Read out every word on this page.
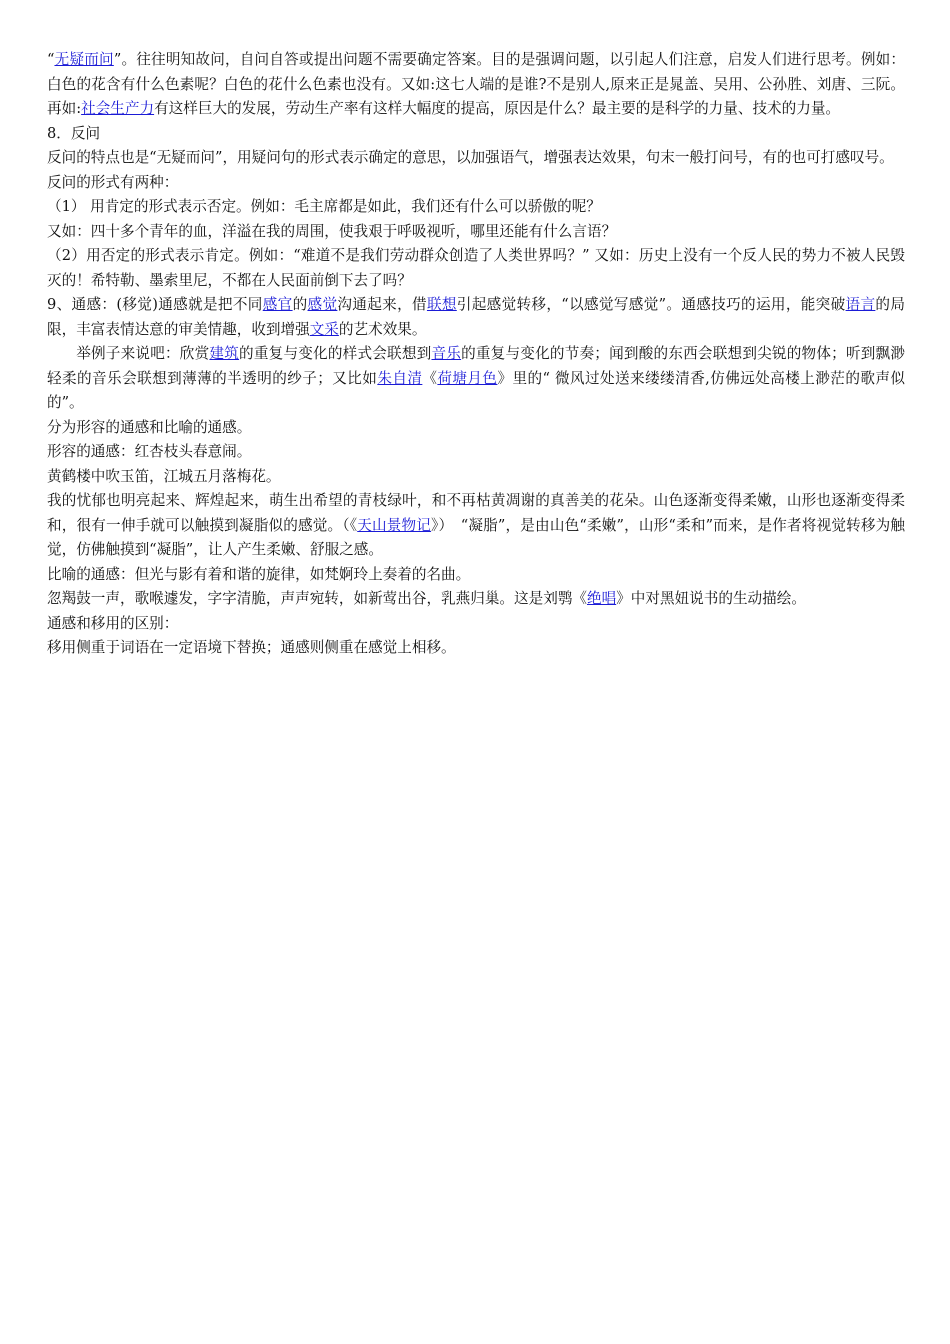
“无疑而问”。往往明知故问，自问自答或提出问题不需要确定答案。目的是强调问题，以引起人们注意，启发人们进行思考。例如：白色的花含有什么色素呢？白色的花什么色素也没有。又如:这七人端的是谁?不是别人,原来正是晁盖、吴用、公孙胜、刘唐、三阮。再如:社会生产力有这样巨大的发展，劳动生产率有这样大幅度的提高，原因是什么？最主要的是科学的力量、技术的力量。

8．反问

反问的特点也是“无疑而问”，用疑问句的形式表示确定的意思，以加强语气，增强表达效果，句末一般打问号，有的也可打感叹号。

反问的形式有两种：

（1） 用肯定的形式表示否定。例如：毛主席都是如此，我们还有什么可以骄傲的呢？

又如：四十多个青年的血，洋溢在我的周围，使我艰于呼吸视听，哪里还能有什么言语？

（2）用否定的形式表示肯定。例如：“难道不是我们劳动群众创造了人类世界吗？” 又如：历史上没有一个反人民的势力不被人民毁灭的！希特勒、墨索里尼，不都在人民面前倒下去了吗？

9、通感：(移觉)通感就是把不同感官的感觉沟通起来，借联想引起感觉转移，“以感觉写感觉”。通感技巧的运用，能突破语言的局限，丰富表情达意的审美情趣，收到增强文采的艺术效果。

举例子来说吧：欣赏建筑的重复与变化的样式会联想到音乐的重复与变化的节奏；闻到酸的东西会联想到尖锐的物体；听到飘渺轻柔的音乐会联想到薄薄的半透明的纱子；又比如朱自清《荷塘月色》里的“ 微风过处送来缕缕清香,仿佛远处高楼上渺茫的歌声似的”。

分为形容的通感和比喻的通感。

形容的通感：红杏枝头春意闹。

黄鹤楼中吹玉笛，江城五月落梅花。

我的忧郁也明亮起来、辉煌起来，萌生出希望的青枝绿叶，和不再枯黄凋谢的真善美的花朵。山色逐渐变得柔嫩，山形也逐渐变得柔和，很有一伸手就可以触摸到凝脂似的感觉。（《天山景物记》）　“凝脂”，是由山色“柔嫩”，山形“柔和”而来，是作者将视觉转移为触觉，仿佛触摸到“凝脂”，让人产生柔嫩、舒服之感。

比喻的通感：但光与影有着和谐的旋律，如梵婀玲上奏着的名曲。

忽羯鼓一声，歌喉遽发，字字清脆，声声宛转，如新莺出谷，乳燕归巢。这是刘鹗《绝唱》中对黑妞说书的生动描绘。

通感和移用的区别：

移用侧重于词语在一定语境下替换；通感则侧重在感觉上相移。
